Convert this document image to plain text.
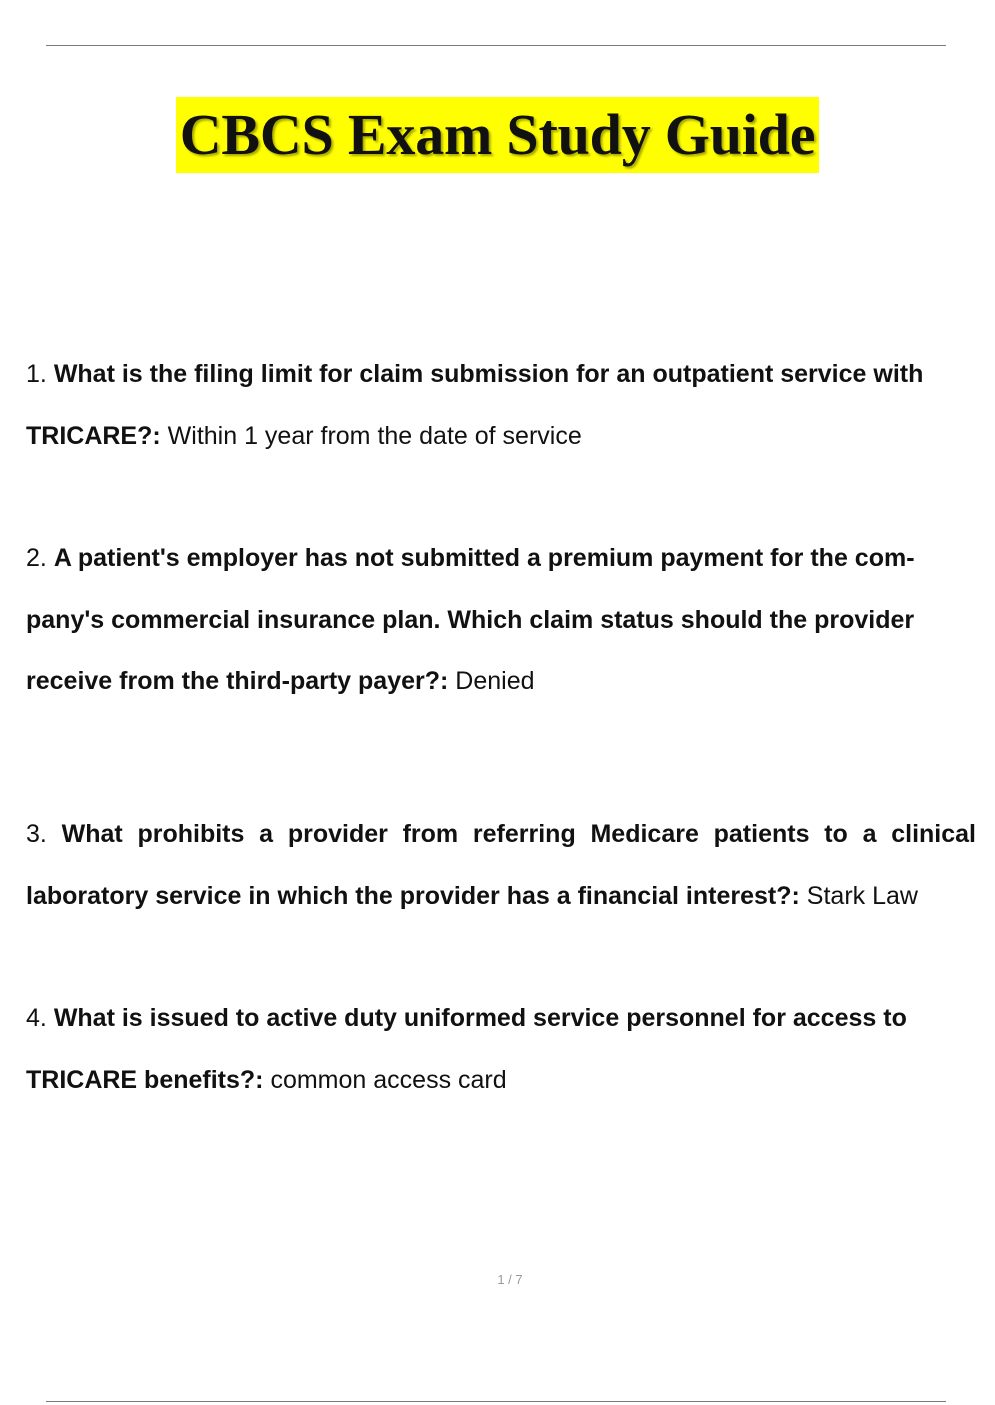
CBCS Exam Study Guide

1. What is the filing limit for claim submission for an outpatient service with TRICARE?: Within 1 year from the date of service

2. A patient's employer has not submitted a premium payment for the com-pany's commercial insurance plan. Which claim status should the provider receive from the third-party payer?: Denied

3. What prohibits a provider from referring Medicare patients to a clinical laboratory service in which the provider has a financial interest?: Stark Law

4. What is issued to active duty uniformed service personnel for access to TRICARE benefits?: common access card

1 / 7
